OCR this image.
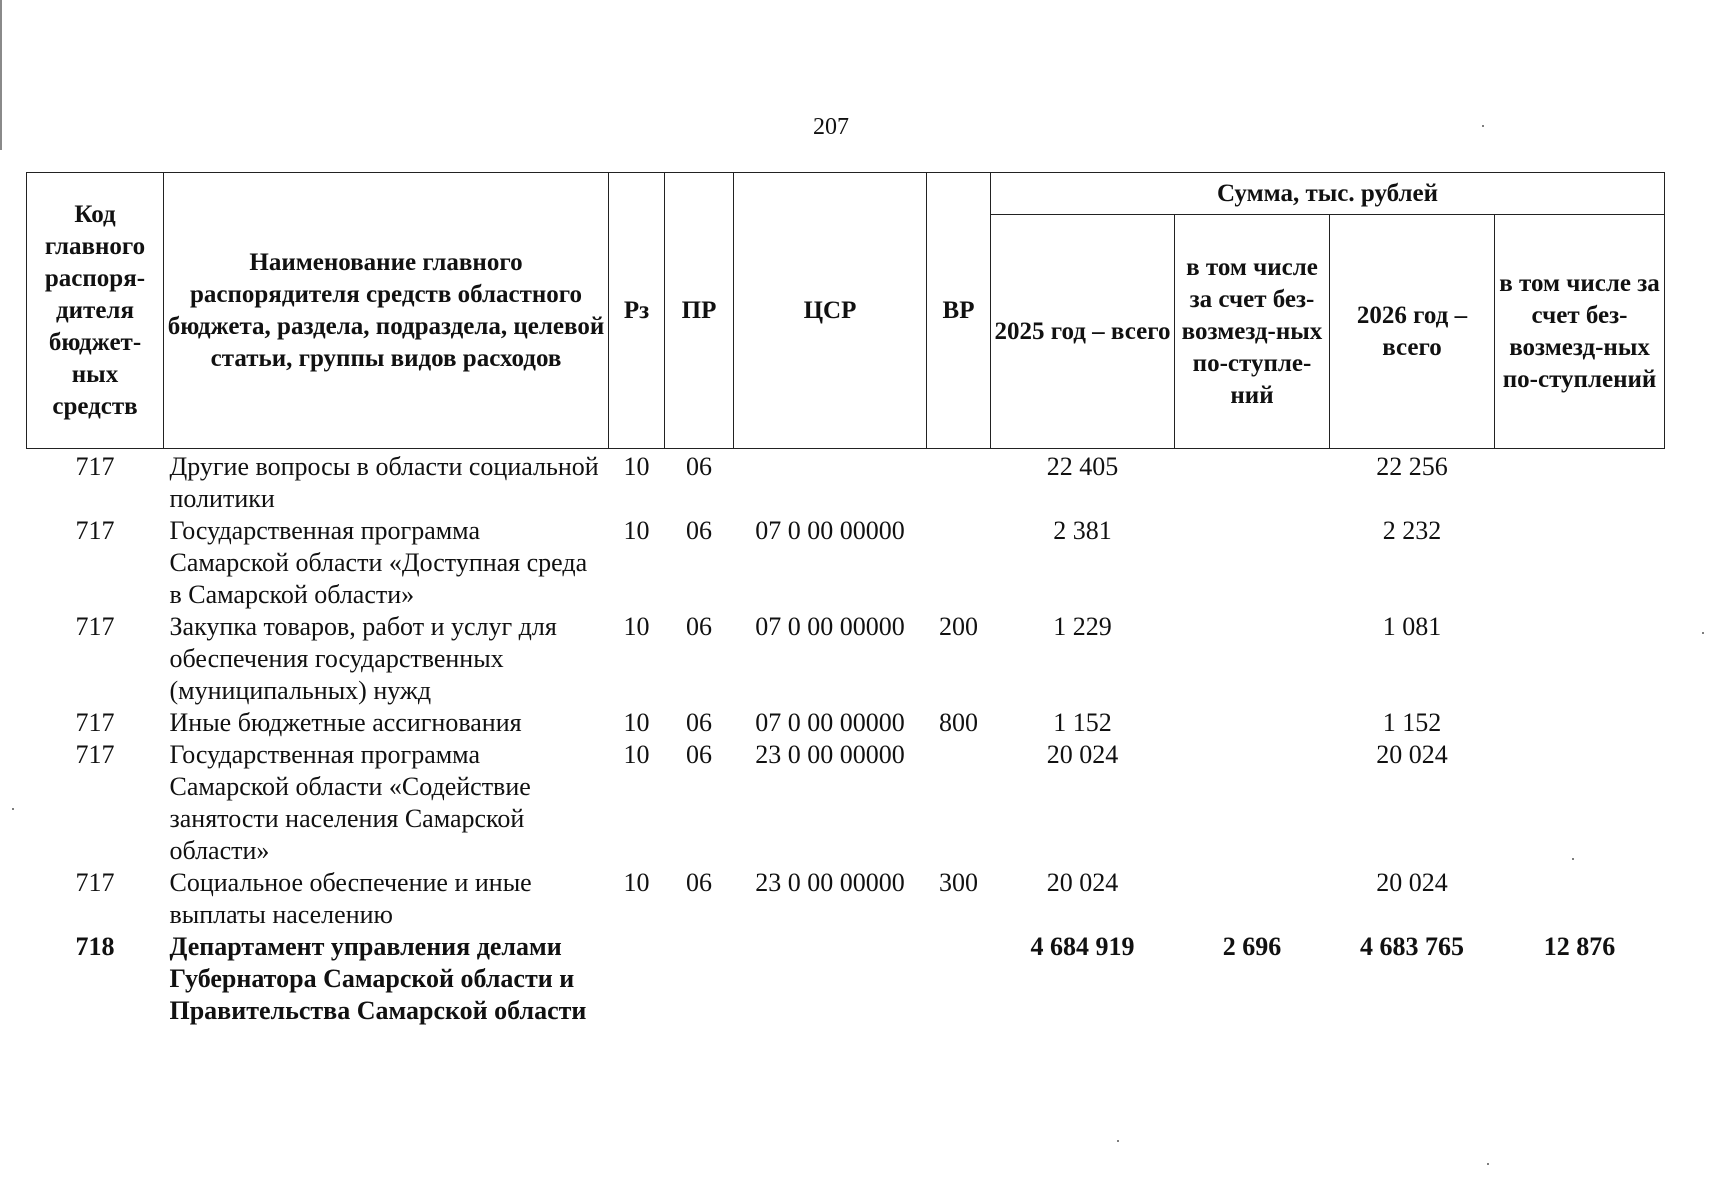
207
Код главного распоря-дителя бюджет-ных средств	Наименование главного распорядителя средств областного бюджета, раздела, подраздела, целевой статьи, группы видов расходов	Рз	ПР	ЦСР	ВР	Сумма, тыс. рублей			
						2025 год – всего	в том числе за счет без-возмезд-ных по-ступле-ний	2026 год – всего	в том числе за счет без-возмезд-ных по-ступлений
717	Другие вопросы в области социальной политики	10	06			22 405		22 256	
717	Государственная программа Самарской области «Доступная среда в Самарской области»	10	06	07 0 00 00000		2 381		2 232	
717	Закупка товаров, работ и услуг для обеспечения государственных (муниципальных) нужд	10	06	07 0 00 00000	200	1 229		1 081	
717	Иные бюджетные ассигнования	10	06	07 0 00 00000	800	1 152		1 152	
717	Государственная программа Самарской области «Содействие занятости населения Самарской области»	10	06	23 0 00 00000		20 024		20 024	
717	Социальное обеспечение и иные выплаты населению	10	06	23 0 00 00000	300	20 024		20 024	
718	Департамент управления делами Губернатора Самарской области и Правительства Самарской области					4 684 919	2 696	4 683 765	12 876
